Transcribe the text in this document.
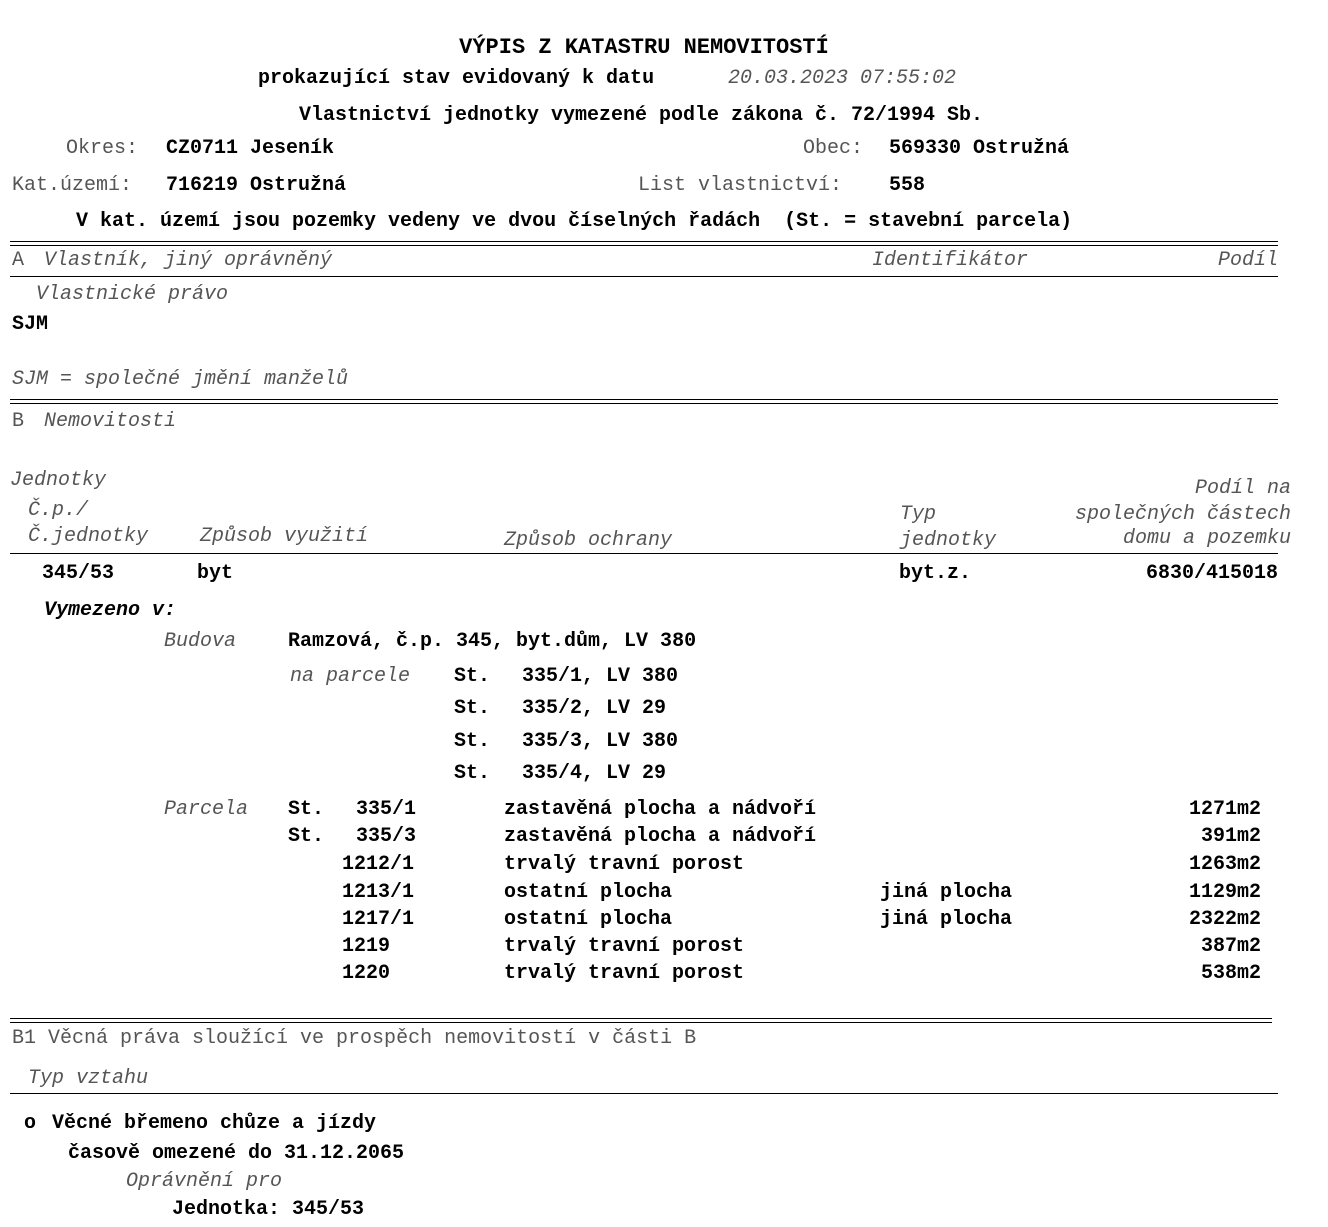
VÝPIS Z KATASTRU NEMOVITOSTÍ
prokazující stav evidovaný k datu	20.03.2023 07:55:02
Vlastnictví jednotky vymezené podle zákona č. 72/1994 Sb.
Okres: CZ0711 Jeseník	Obec: 569330 Ostružná
Kat.území: 716219 Ostružná	List vlastnictví: 558
V kat. území jsou pozemky vedeny ve dvou číselných řadách  (St. = stavební parcela)
A Vlastník, jiný oprávněný	Identifikátor	Podíl
Vlastnické právo
SJM
SJM = společné jmění manželů
B Nemovitosti
Jednotky
Č.p./
Č.jednotky	Způsob využití	Způsob ochrany
Typ
jednotky
Podíl na
společných částech
domu a pozemku
345/53	byt	byt.z.	6830/415018
Vymezeno v:
Budova	Ramzová, č.p. 345, byt.dům, LV 380
na parcele St. 335/1, LV 380
St. 335/2, LV 29
St. 335/3, LV 380
St. 335/4, LV 29
Parcela St. 335/1	zastavěná plocha a nádvoří	1271m2
St. 335/3	zastavěná plocha a nádvoří	391m2
1212/1	trvalý travní porost	1263m2
1213/1	ostatní plocha	jiná plocha	1129m2
1217/1	ostatní plocha	jiná plocha	2322m2
1219	trvalý travní porost	387m2
1220	trvalý travní porost	538m2
B1 Věcná práva sloužící ve prospěch nemovitostí v části B
Typ vztahu
o Věcné břemeno chůze a jízdy
časově omezené do 31.12.2065
Oprávnění pro
Jednotka: 345/53
